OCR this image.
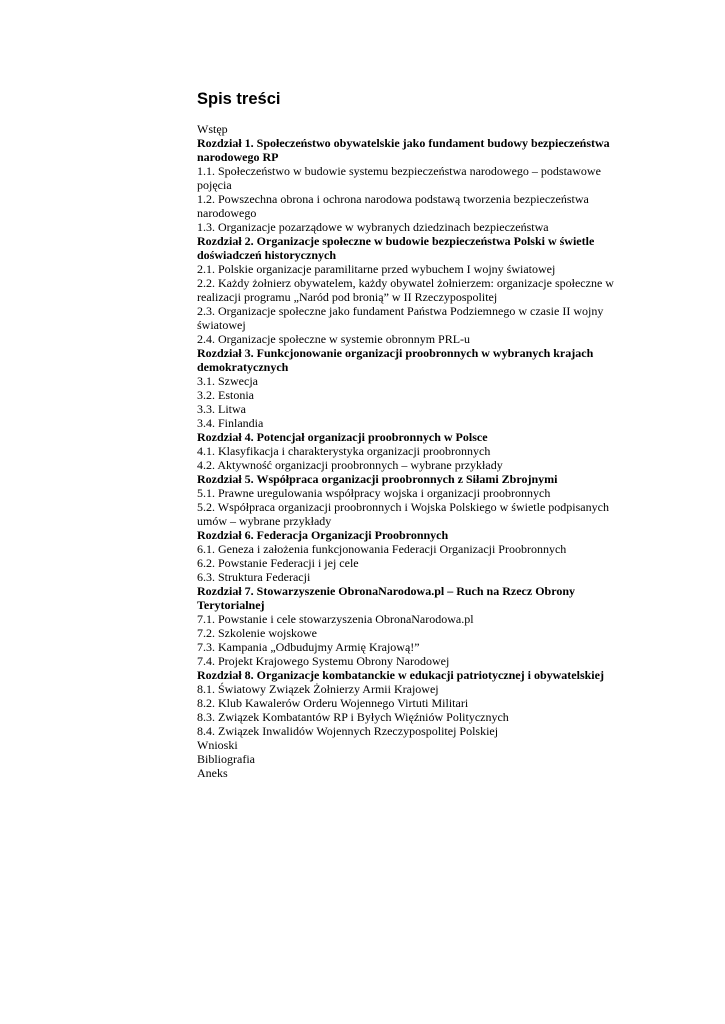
Spis treści
Wstęp
Rozdział 1. Społeczeństwo obywatelskie jako fundament budowy bezpieczeństwa narodowego RP
1.1. Społeczeństwo w budowie systemu bezpieczeństwa narodowego – podstawowe pojęcia
1.2. Powszechna obrona i ochrona narodowa podstawą tworzenia bezpieczeństwa narodowego
1.3. Organizacje pozarządowe w wybranych dziedzinach bezpieczeństwa
Rozdział 2. Organizacje społeczne w budowie bezpieczeństwa Polski w świetle doświadczeń historycznych
2.1. Polskie organizacje paramilitarne przed wybuchem I wojny światowej
2.2. Każdy żołnierz obywatelem, każdy obywatel żołnierzem: organizacje społeczne w realizacji programu „Naród pod bronią” w II Rzeczypospolitej
2.3. Organizacje społeczne jako fundament Państwa Podziemnego w czasie II wojny światowej
2.4. Organizacje społeczne w systemie obronnym PRL-u
Rozdział 3. Funkcjonowanie organizacji proobronnych w wybranych krajach demokratycznych
3.1. Szwecja
3.2. Estonia
3.3. Litwa
3.4. Finlandia
Rozdział 4. Potencjał organizacji proobronnych w Polsce
4.1. Klasyfikacja i charakterystyka organizacji proobronnych
4.2. Aktywność organizacji proobronnych – wybrane przykłady
Rozdział 5. Współpraca organizacji proobronnych z Siłami Zbrojnymi
5.1. Prawne uregulowania współpracy wojska i organizacji proobronnych
5.2. Współpraca organizacji proobronnych i Wojska Polskiego w świetle podpisanych umów – wybrane przykłady
Rozdział 6. Federacja Organizacji Proobronnych
6.1. Geneza i założenia funkcjonowania Federacji Organizacji Proobronnych
6.2. Powstanie Federacji i jej cele
6.3. Struktura Federacji
Rozdział 7. Stowarzyszenie ObronaNarodowa.pl – Ruch na Rzecz Obrony Terytorialnej
7.1. Powstanie i cele stowarzyszenia ObronaNarodowa.pl
7.2. Szkolenie wojskowe
7.3. Kampania „Odbudujmy Armię Krajową!”
7.4. Projekt Krajowego Systemu Obrony Narodowej
Rozdział 8. Organizacje kombatanckie w edukacji patriotycznej i obywatelskiej
8.1. Światowy Związek Żołnierzy Armii Krajowej
8.2. Klub Kawalerów Orderu Wojennego Virtuti Militari
8.3. Związek Kombatantów RP i Byłych Więźniów Politycznych
8.4. Związek Inwalidów Wojennych Rzeczypospolitej Polskiej
Wnioski
Bibliografia
Aneks
